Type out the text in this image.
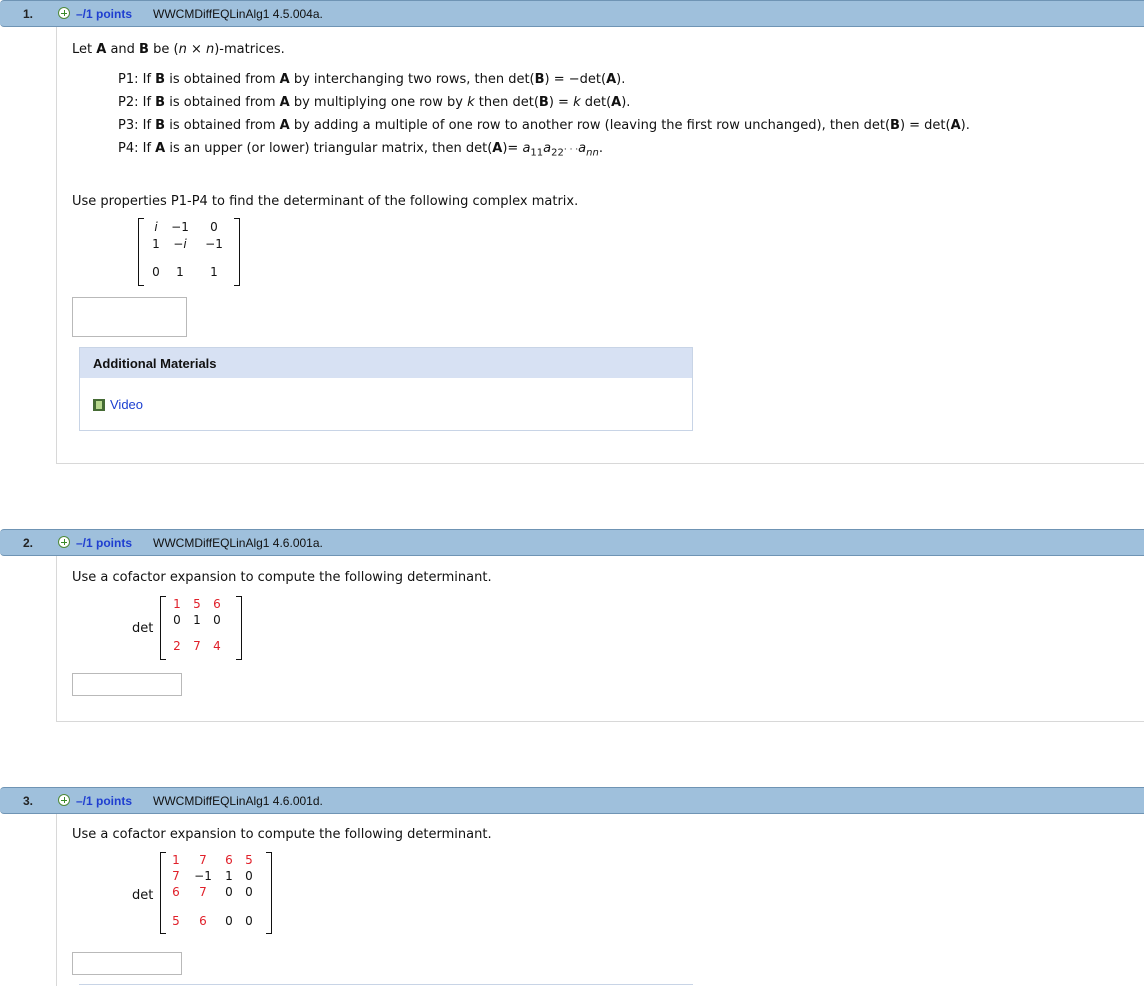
1.	–/1 points WWCMDiffEQLinAlg1 4.5.004a.
Let A and B be (n × n)-matrices.
P1: If B is obtained from A by interchanging two rows, then det(B) = −det(A).
P2: If B is obtained from A by multiplying one row by k then det(B) = k det(A).
P3: If B is obtained from A by adding a multiple of one row to another row (leaving the first row unchanged), then det(B) = det(A).
P4: If A is an upper (or lower) triangular matrix, then $\det(A)= a_{11}a_{22}\cdot \cdot \cdot a_{nn}$.
Use properties P1-P4 to find the determinant of the following complex matrix.
i	−1	0
1	−i	−1
0	1	1
Additional Materials
Video
2.	–/1 points WWCMDiffEQLinAlg1 4.6.001a.
Use a cofactor expansion to compute the following determinant.
det
1 5 6
0 1 0
2 7 4
3.	–/1 points WWCMDiffEQLinAlg1 4.6.001d.
Use a cofactor expansion to compute the following determinant.
det
1	7	6 5
7	−1 1 0
6	7	0 0
5	6	0 0
